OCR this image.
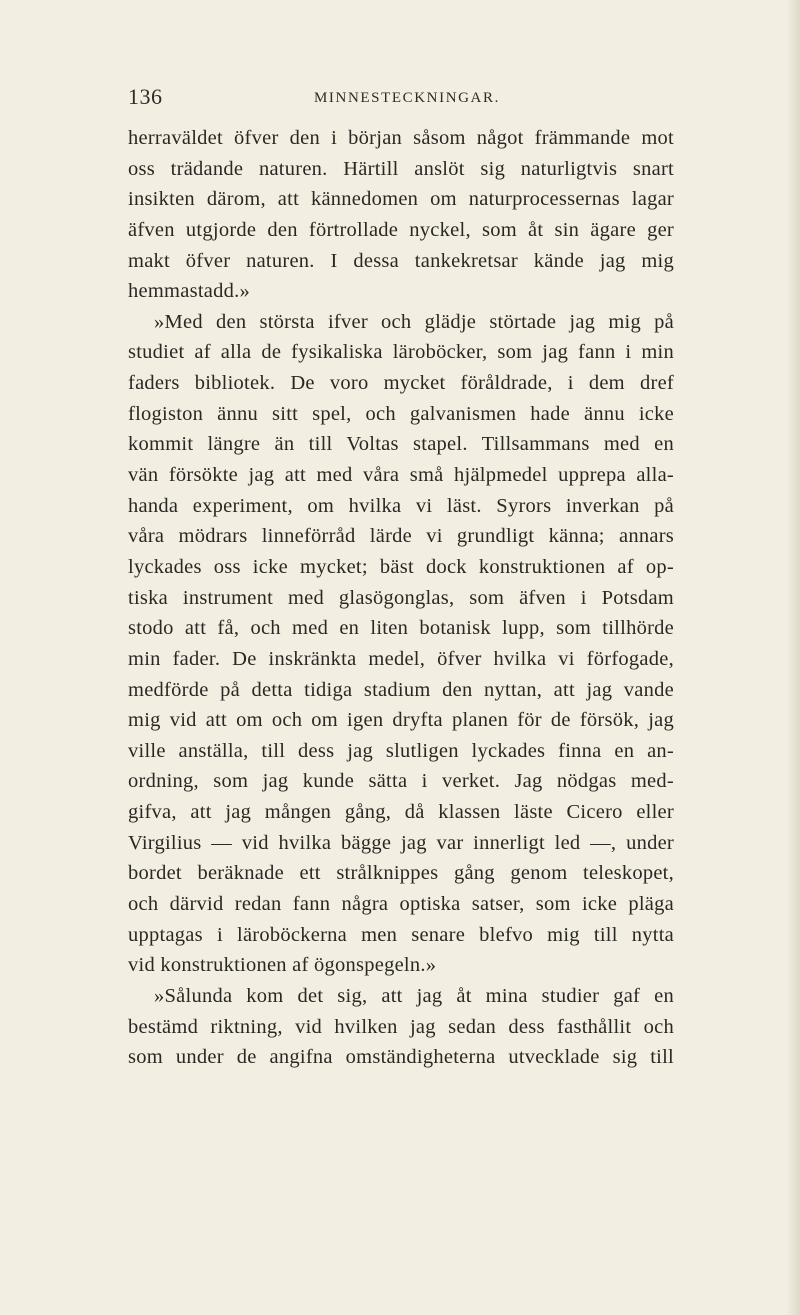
136	MINNESTECKNINGAR.
herraväldet öfver den i början såsom något främmande mot
oss trädande naturen. Härtill anslöt sig naturligtvis snart
insikten därom, att kännedomen om naturprocessernas lagar
äfven utgjorde den förtrollade nyckel, som åt sin ägare ger
makt öfver naturen. I dessa tankekretsar kände jag mig
hemmastadd.»
»Med den största ifver och glädje störtade jag mig på
studiet af alla de fysikaliska läroböcker, som jag fann i min
faders bibliotek. De voro mycket föråldrade, i dem dref
flogiston ännu sitt spel, och galvanismen hade ännu icke
kommit längre än till Voltas stapel. Tillsammans med en
vän försökte jag att med våra små hjälpmedel upprepa alla-
handa experiment, om hvilka vi läst. Syrors inverkan på
våra mödrars linneförråd lärde vi grundligt känna; annars
lyckades oss icke mycket; bäst dock konstruktionen af op-
tiska instrument med glasögonglas, som äfven i Potsdam
stodo att få, och med en liten botanisk lupp, som tillhörde
min fader. De inskränkta medel, öfver hvilka vi förfogade,
medförde på detta tidiga stadium den nyttan, att jag vande
mig vid att om och om igen dryfta planen för de försök, jag
ville anställa, till dess jag slutligen lyckades finna en an-
ordning, som jag kunde sätta i verket. Jag nödgas med-
gifva, att jag mången gång, då klassen läste Cicero eller
Virgilius — vid hvilka bägge jag var innerligt led —, under
bordet beräknade ett strålknippes gång genom teleskopet,
och därvid redan fann några optiska satser, som icke pläga
upptagas i läroböckerna men senare blefvo mig till nytta
vid konstruktionen af ögonspegeln.»
»Sålunda kom det sig, att jag åt mina studier gaf en
bestämd riktning, vid hvilken jag sedan dess fasthållit och
som under de angifna omständigheterna utvecklade sig till
